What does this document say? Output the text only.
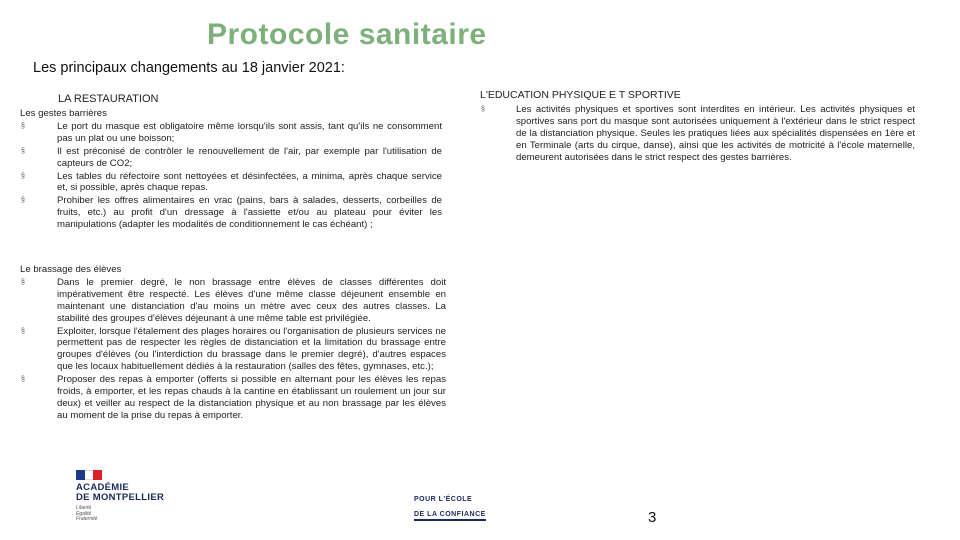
Protocole sanitaire
Les principaux changements au 18 janvier 2021:
LA RESTAURATION
Les gestes barrières
§	Le port du masque est obligatoire même lorsqu'ils sont assis, tant qu'ils ne consomment pas un plat ou une boisson;
§	Il est préconisé de contrôler le renouvellement de l'air, par exemple par l'utilisation de capteurs de CO2;
§	Les tables du réfectoire sont nettoyées et désinfectées, a minima, après chaque service et, si possible, après chaque repas.
§	Prohiber les offres alimentaires en vrac (pains, bars à salades, desserts, corbeilles de fruits, etc.) au profit d'un dressage à l'assiette et/ou au plateau pour éviter les manipulations (adapter les modalités de conditionnement le cas échéant) ;
Le brassage des élèves
§	Dans le premier degré, le non brassage entre élèves de classes différentes doit impérativement être respecté. Les élèves d'une même classe déjeunent ensemble en maintenant une distanciation d'au moins un mètre avec ceux des autres classes. La stabilité des groupes d'élèves déjeunant à une même table est privilégiée.
§	Exploiter, lorsque l'étalement des plages horaires ou l'organisation de plusieurs services ne permettent pas de respecter les règles de distanciation et la limitation du brassage entre groupes d'élèves (ou l'interdiction du brassage dans le premier degré), d'autres espaces que les locaux habituellement dédiés à la restauration (salles des fêtes, gymnases, etc.);
§	Proposer des repas à emporter (offerts si possible en alternant pour les élèves les repas froids, à emporter, et les repas chauds à la cantine en établissant un roulement un jour sur deux) et veiller au respect de la distanciation physique et au non brassage par les élèves au moment de la prise du repas à emporter.
L'EDUCATION PHYSIQUE E T SPORTIVE
§	Les activités physiques et sportives sont interdites en intérieur. Les activités physiques et sportives sans port du masque sont autorisées uniquement à l'extérieur dans le strict respect de la distanciation physique. Seules les pratiques liées aux spécialités dispensées en 1ère et en Terminale (arts du cirque, danse), ainsi que les activités de motricité à l'école maternelle, demeurent autorisées dans le strict respect des gestes barrières.
ACADÉMIE
DE MONTPELLIER
Liberté
Égalité
Fraternité
POUR L'ÉCOLE
DE LA CONFIANCE	3
